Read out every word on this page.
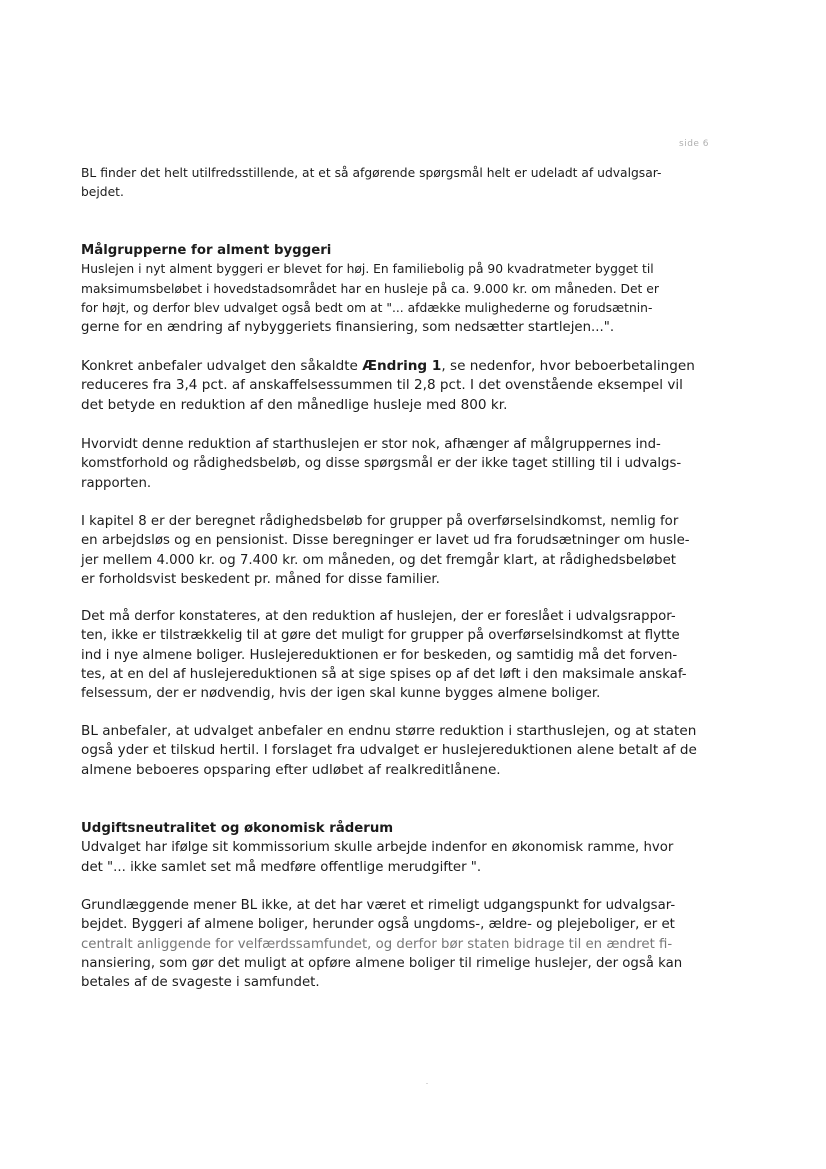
side 6
BL finder det helt utilfredsstillende, at et så afgørende spørgsmål helt er udeladt af udvalgsar-
bejdet.
Målgrupperne for alment byggeri
Huslejen i nyt alment byggeri er blevet for høj. En familiebolig på 90 kvadratmeter bygget til
maksimumsbeløbet i hovedstadsområdet har en husleje på ca. 9.000 kr. om måneden. Det er
for højt, og derfor blev udvalget også bedt om at "... afdække mulighederne og forudsætnin-
gerne for en ændring af nybyggeriets finansiering, som nedsætter startlejen...".
Konkret anbefaler udvalget den såkaldte Ændring 1, se nedenfor, hvor beboerbetalingen
reduceres fra 3,4 pct. af anskaffelsessummen til 2,8 pct. I det ovenstående eksempel vil
det betyde en reduktion af den månedlige husleje med 800 kr.
Hvorvidt denne reduktion af starthuslejen er stor nok, afhænger af målgruppernes ind-
komstforhold og rådighedsbeløb, og disse spørgsmål er der ikke taget stilling til i udvalgs-
rapporten.
I kapitel 8 er der beregnet rådighedsbeløb for grupper på overførselsindkomst, nemlig for
en arbejdsløs og en pensionist. Disse beregninger er lavet ud fra forudsætninger om husle-
jer mellem 4.000 kr. og 7.400 kr. om måneden, og det fremgår klart, at rådighedsbeløbet
er forholdsvist beskedent pr. måned for disse familier.
Det må derfor konstateres, at den reduktion af huslejen, der er foreslået i udvalgsrappor-
ten, ikke er tilstrækkelig til at gøre det muligt for grupper på overførselsindkomst at flytte
ind i nye almene boliger. Huslejereduktionen er for beskeden, og samtidig må det forven-
tes, at en del af huslejereduktionen så at sige spises op af det løft i den maksimale anskaf-
felsessum, der er nødvendig, hvis der igen skal kunne bygges almene boliger.
BL anbefaler, at udvalget anbefaler en endnu større reduktion i starthuslejen, og at staten
også yder et tilskud hertil. I forslaget fra udvalget er huslejereduktionen alene betalt af de
almene beboeres opsparing efter udløbet af realkreditlånene.
Udgiftsneutralitet og økonomisk råderum
Udvalget har ifølge sit kommissorium skulle arbejde indenfor en økonomisk ramme, hvor
det "... ikke samlet set må medføre offentlige merudgifter ".
Grundlæggende mener BL ikke, at det har været et rimeligt udgangspunkt for udvalgsar-
bejdet. Byggeri af almene boliger, herunder også ungdoms-, ældre- og plejeboliger, er et
centralt anliggende for velfærdssamfundet, og derfor bør staten bidrage til en ændret fi-
nansiering, som gør det muligt at opføre almene boliger til rimelige huslejer, der også kan
betales af de svageste i samfundet.
